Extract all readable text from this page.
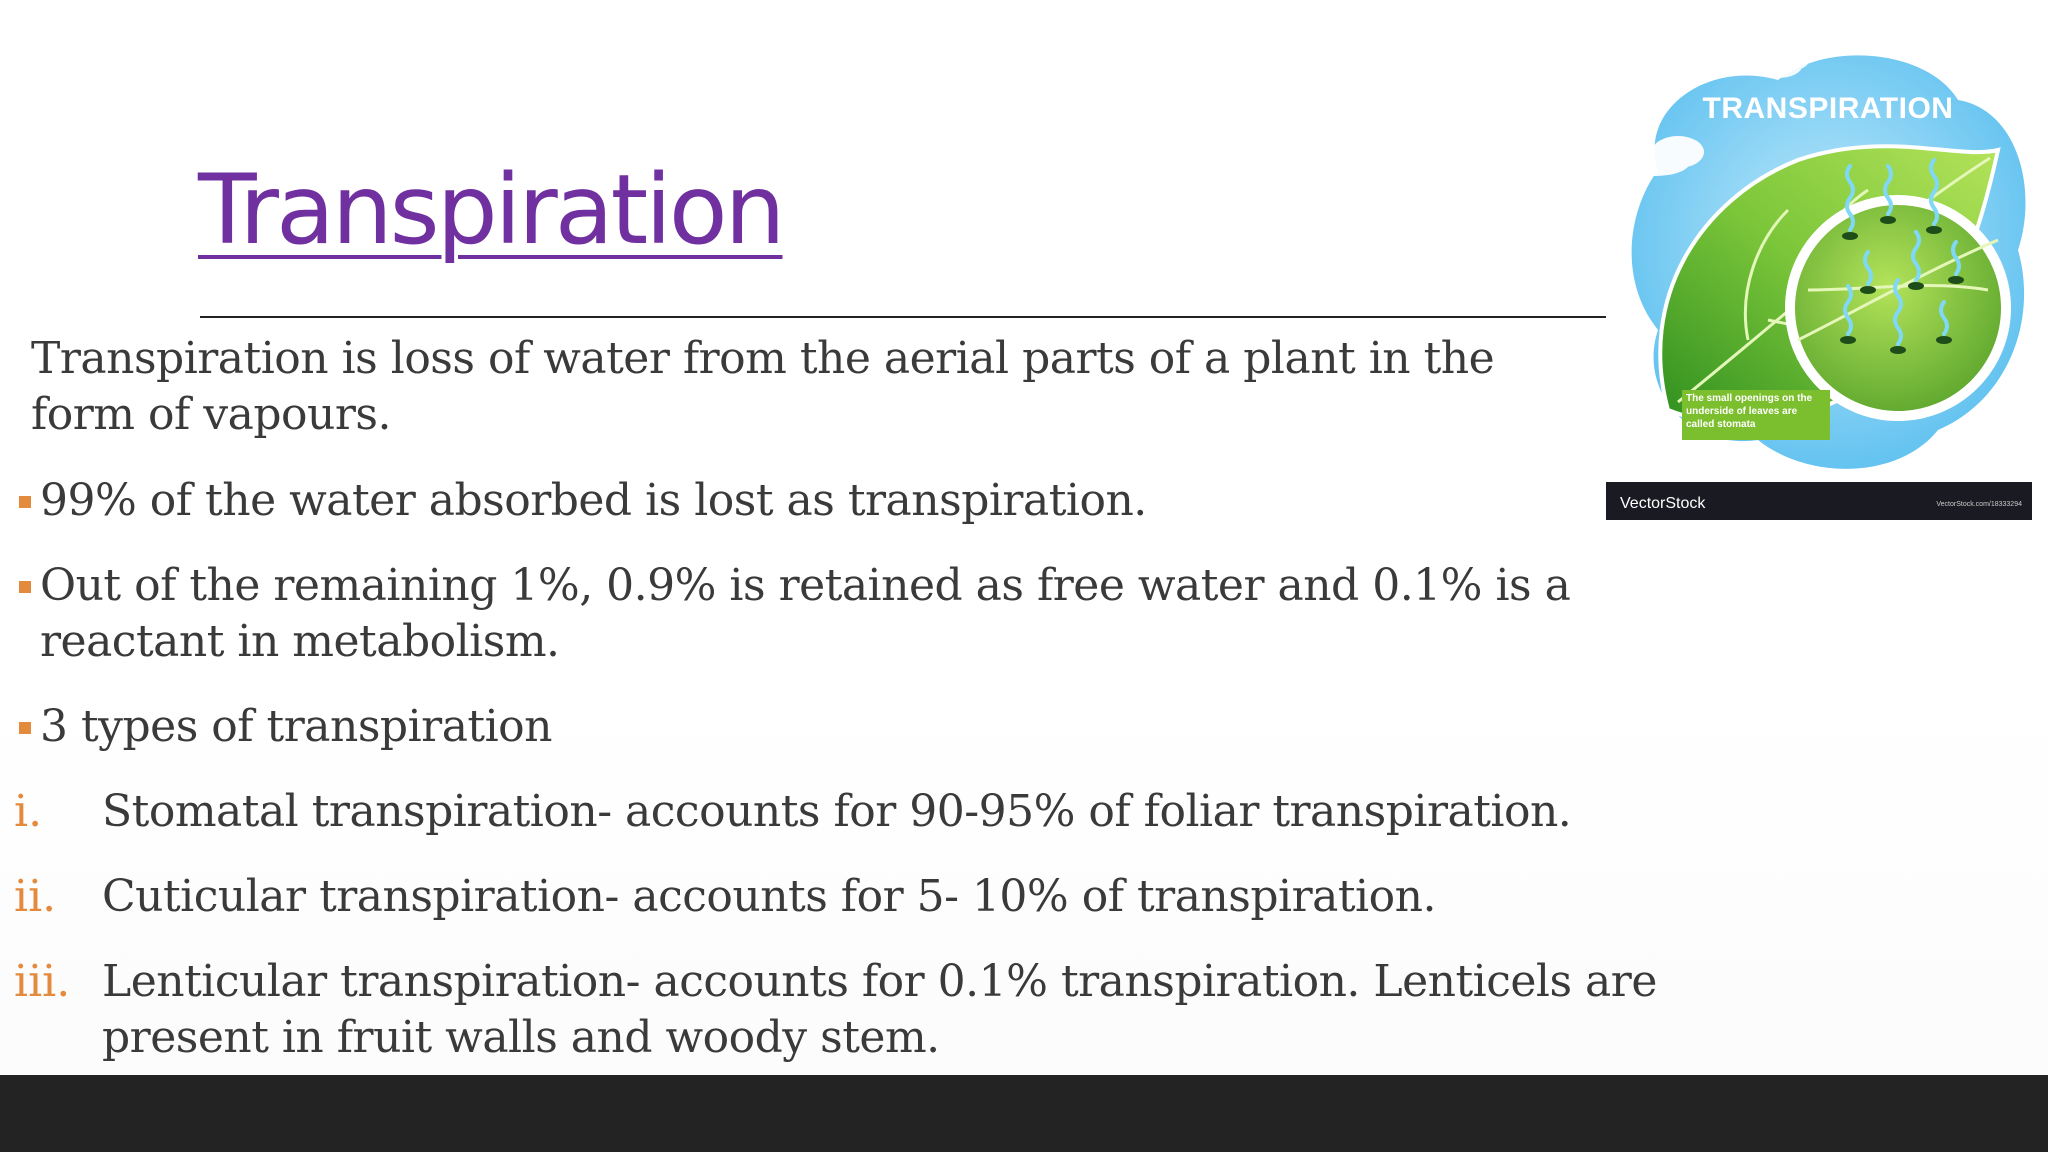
Transpiration
Transpiration is loss of water from the aerial parts of a plant in the form of vapours.
99% of the water absorbed is lost as transpiration.
Out of the remaining 1%, 0.9% is retained as free water and 0.1% is a reactant in metabolism.
3 types of transpiration
i. Stomatal transpiration- accounts for 90-95% of foliar transpiration.
ii. Cuticular transpiration- accounts for 5- 10% of transpiration.
iii. Lenticular transpiration- accounts for 0.1% transpiration. Lenticels are present in fruit walls and woody stem.
TRANSPIRATION
The small openings on the underside of leaves are called stomata
VectorStock	VectorStock.com/18333294
